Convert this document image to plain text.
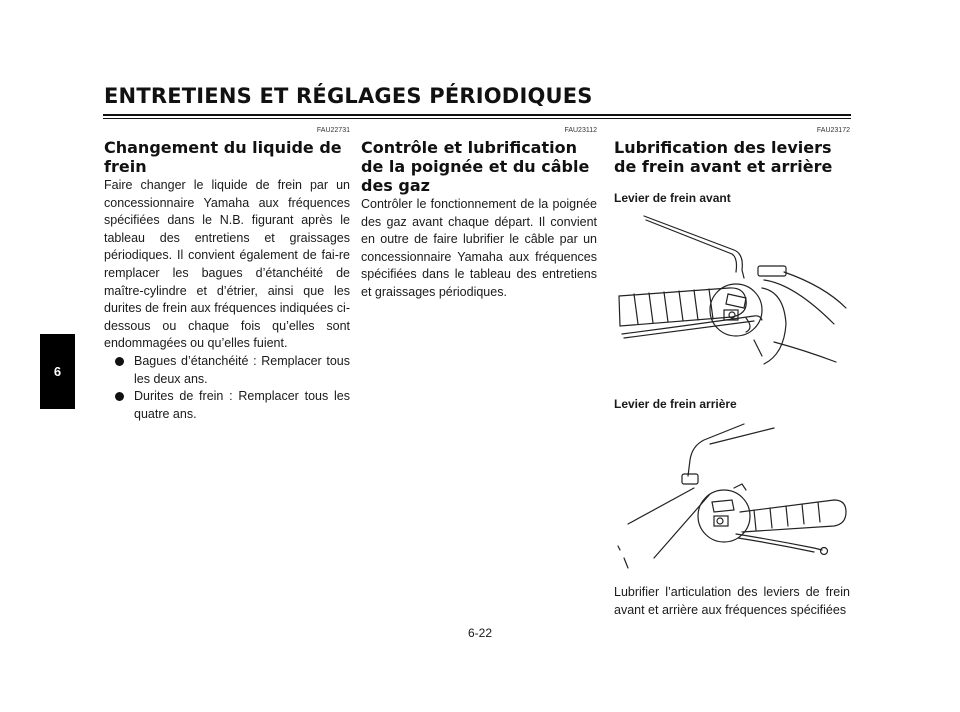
ENTRETIENS ET RÉGLAGES PÉRIODIQUES
6
FAU22731
Changement du liquide de frein

Faire changer le liquide de frein par un concessionnaire Yamaha aux fréquences spécifiées dans le N.B. figurant après le tableau des entretiens et graissages périodiques. Il convient également de fai-re remplacer les bagues d’étanchéité de maître-cylindre et d’étrier, ainsi que les durites de frein aux fréquences indiquées ci-dessous ou chaque fois qu’elles sont endommagées ou qu’elles fuient.

Bagues d’étanchéité : Remplacer tous les deux ans.
Durites de frein : Remplacer tous les quatre ans.
FAU23112
Contrôle et lubrification de la poignée et du câble des gaz

Contrôler le fonctionnement de la poignée des gaz avant chaque départ. Il convient en outre de faire lubrifier le câble par un concessionnaire Yamaha aux fréquences spécifiées dans le tableau des entretiens et graissages périodiques.

FAU23172
Lubrification des leviers de frein avant et arrière
Levier de frein avant
Levier de frein arrière

Lubrifier l’articulation des leviers de frein avant et arrière aux fréquences spécifiées

6-22
